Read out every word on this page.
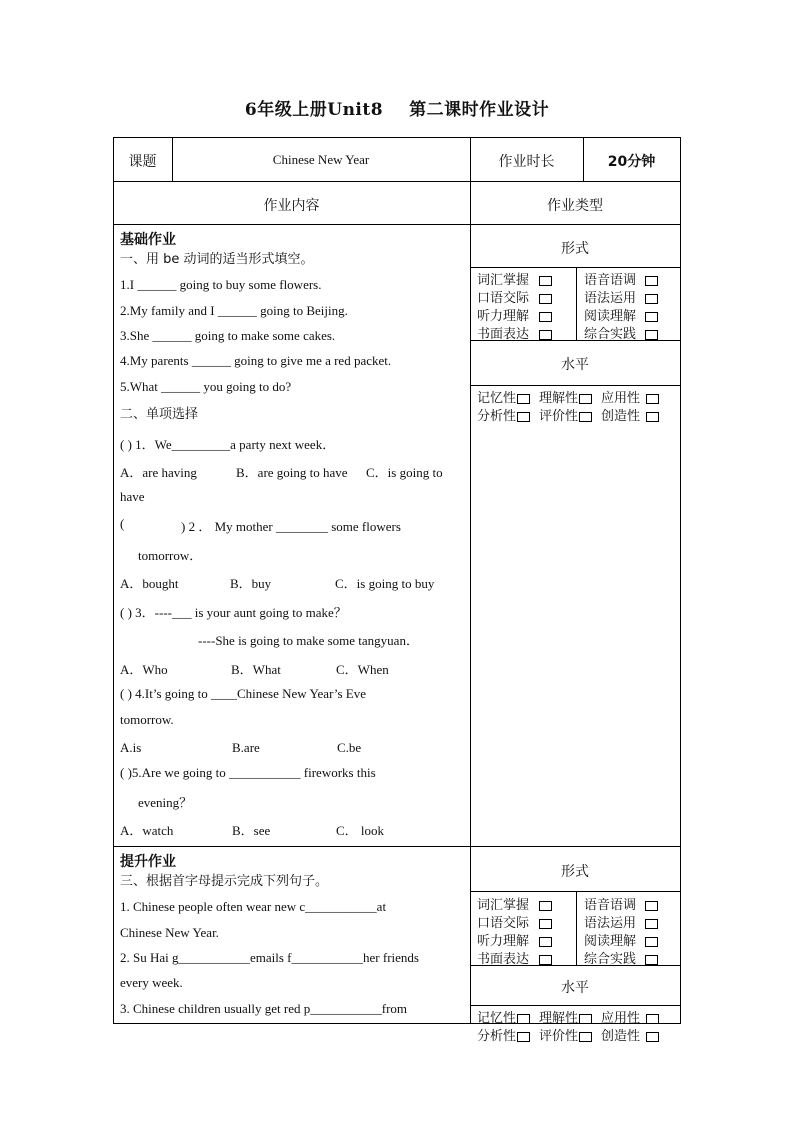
6年级上册Unit8 第二课时作业设计
课题	Chinese New Year	作业时长	20分钟
作业内容	作业类型
基础作业
一、用 be 动词的适当形式填空。
1.I ______ going to buy some flowers.
2.My family and I ______ going to Beijing.
3.She ______ going to make some cakes.
4.My parents ______ going to give me a red packet.
5.What ______ you going to do?
二、单项选择
( ) 1．We_________a party next week．
A．are having	B．are going to have	C．is going to
have
(	) 2 ． My mother ________ some flowers
tomorrow．
A．bought	B．buy	C．is going to buy
( ) 3．----___ is your aunt going to make？
----She is going to make some tangyuan．
A．Who	B．What	C．When
( ) 4.It’s going to ____Chinese New Year’s Eve
tomorrow.
A.is	B.are	C.be
( )5.Are we going to ___________ fireworks this
evening？
A．watch	B．see	C． look
提升作业
三、根据首字母提示完成下列句子。
1. Chinese people often wear new c___________at
Chinese New Year.
2. Su Hai g___________emails f___________her friends
every week.
3. Chinese children usually get red p___________from
形式
词汇掌握	语音语调
口语交际	语法运用
听力理解	阅读理解
书面表达	综合实践
水平
记忆性	理解性	应用性
分析性	评价性	创造性
形式
词汇掌握	语音语调
口语交际	语法运用
听力理解	阅读理解
书面表达	综合实践
水平
记忆性	理解性	应用性
分析性	评价性	创造性
